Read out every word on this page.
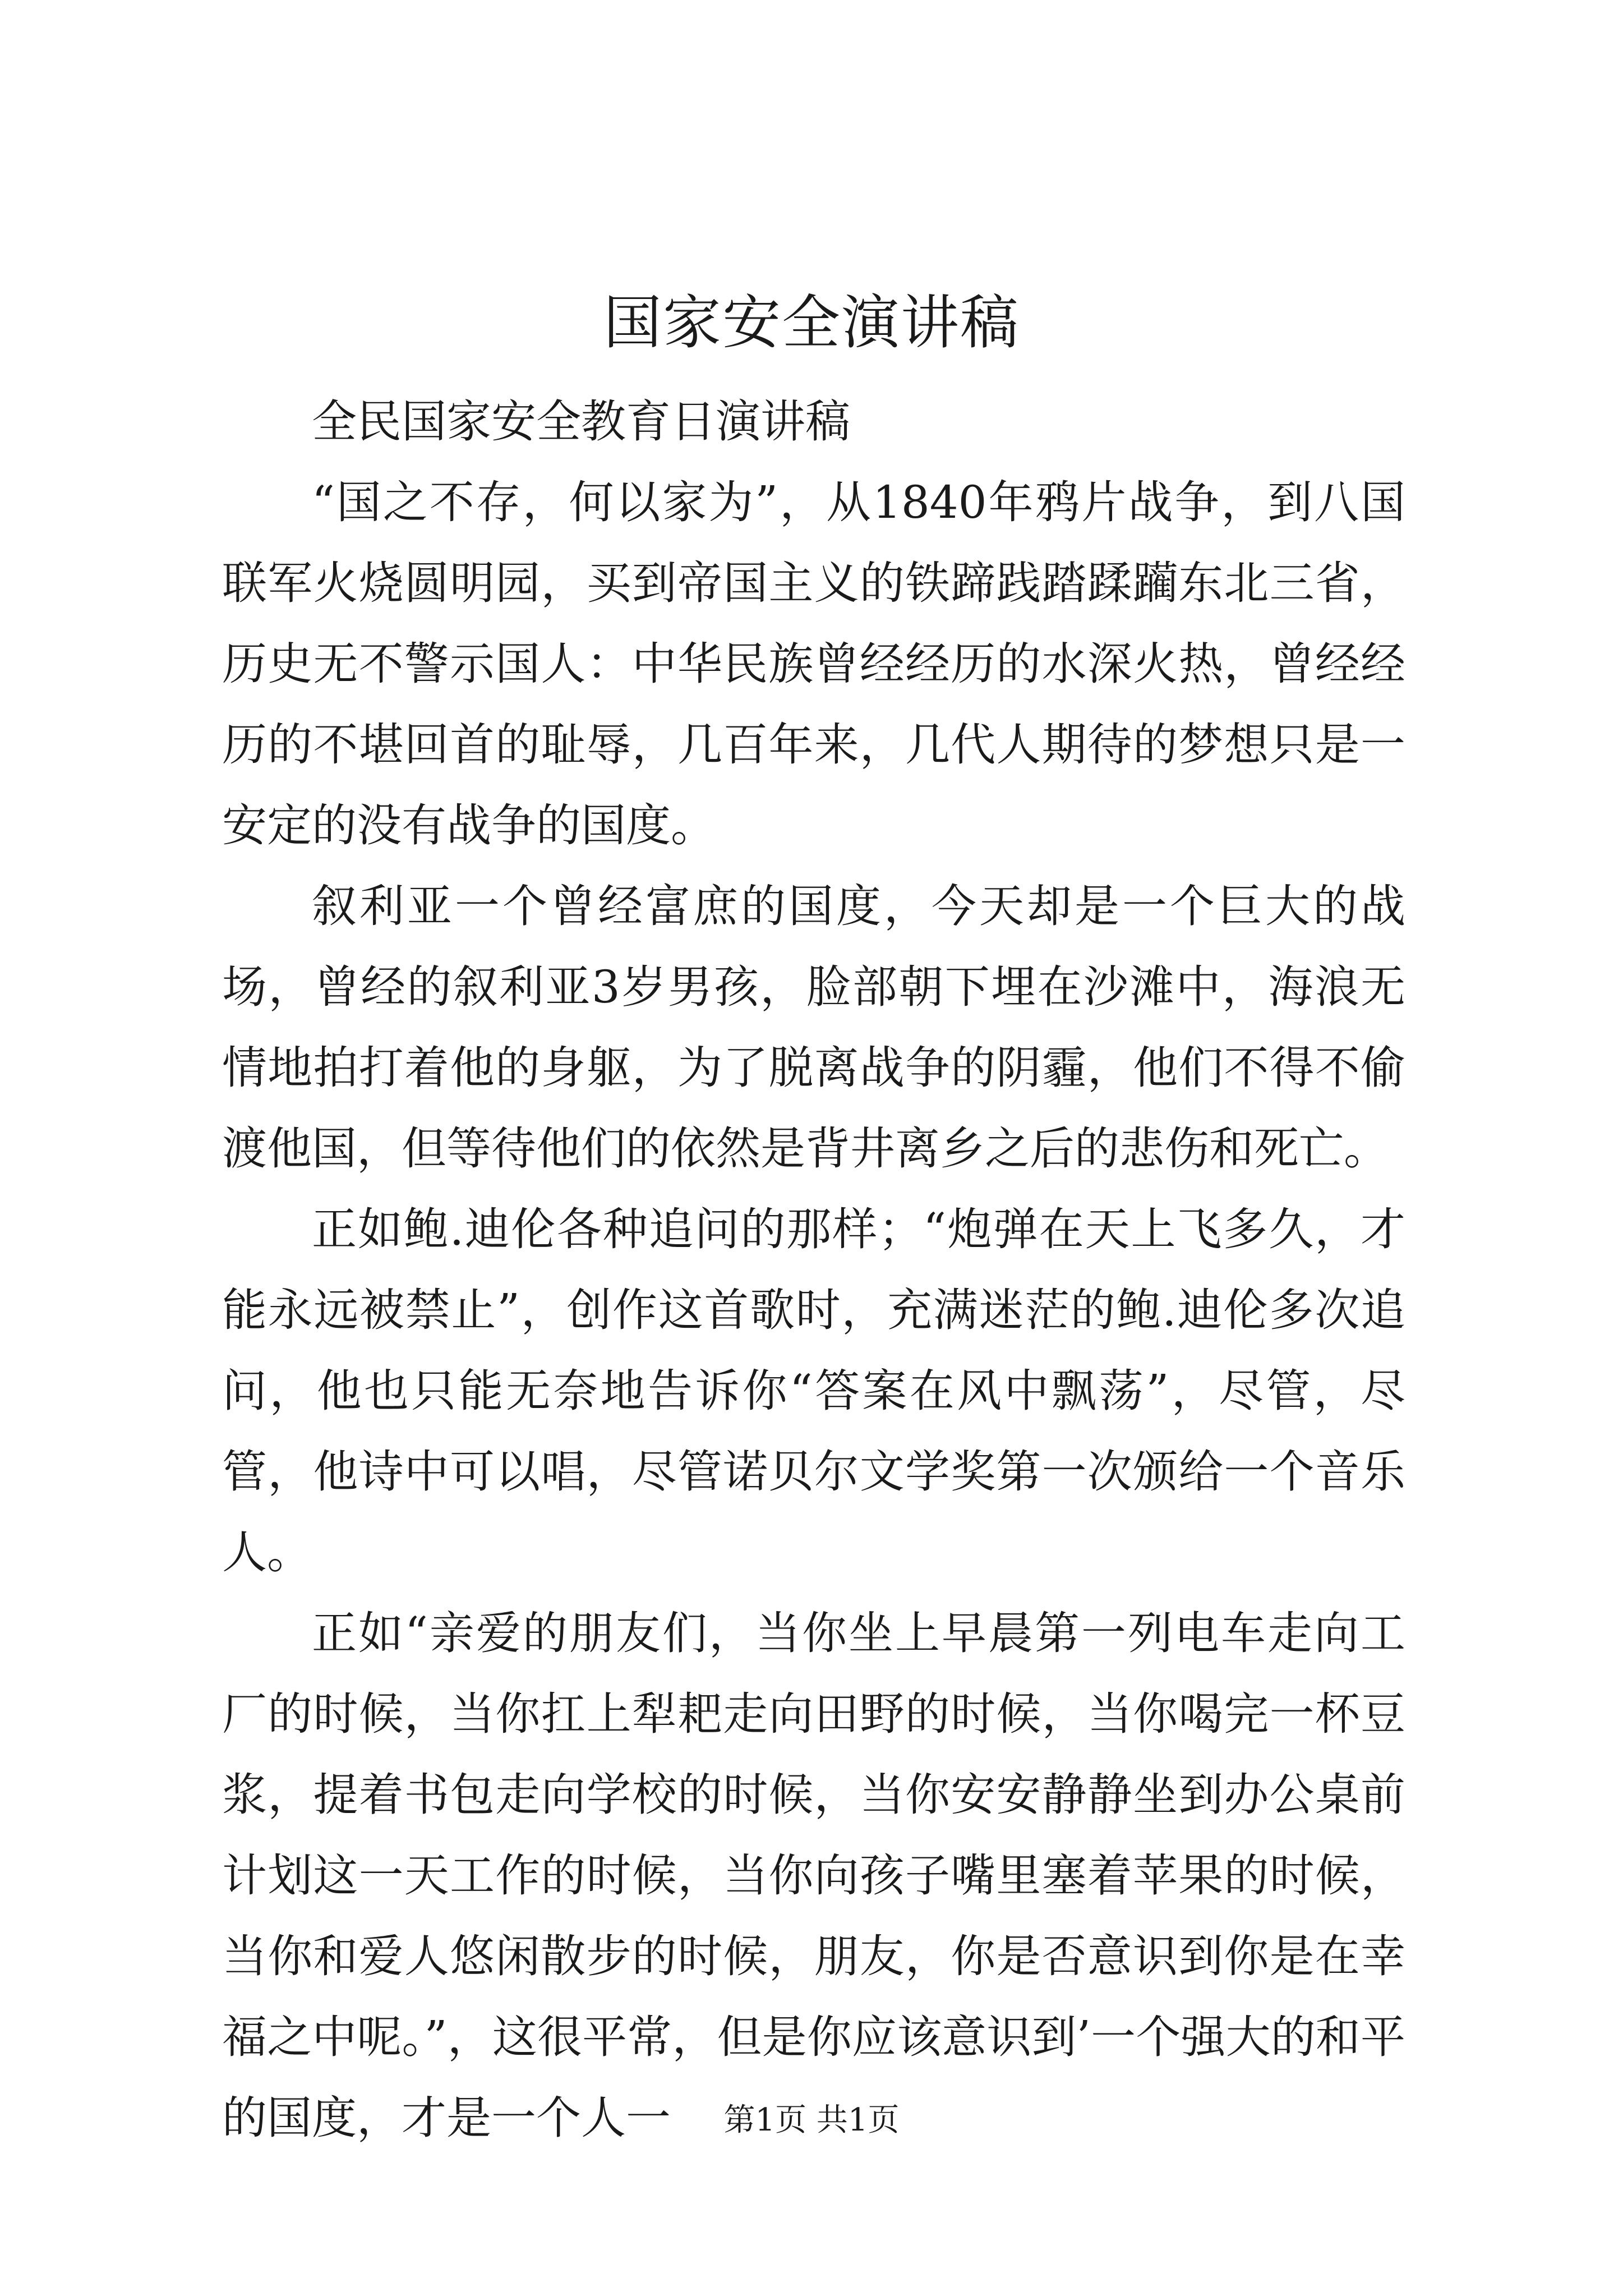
国家安全演讲稿

全民国家安全教育日演讲稿

“国之不存，何以家为”，从1840年鸦片战争，到八国联军火烧圆明园，买到帝国主义的铁蹄践踏蹂躏东北三省，历史无不警示国人：中华民族曾经经历的水深火热，曾经经历的不堪回首的耻辱，几百年来，几代人期待的梦想只是一安定的没有战争的国度。

叙利亚一个曾经富庶的国度，今天却是一个巨大的战场，曾经的叙利亚3岁男孩，脸部朝下埋在沙滩中，海浪无情地拍打着他的身躯，为了脱离战争的阴霾，他们不得不偷渡他国，但等待他们的依然是背井离乡之后的悲伤和死亡。

正如鲍.迪伦各种追问的那样；“炮弹在天上飞多久，才能永远被禁止”，创作这首歌时，充满迷茫的鲍.迪伦多次追问，他也只能无奈地告诉你“答案在风中飘荡”，尽管，尽管，他诗中可以唱，尽管诺贝尔文学奖第一次颁给一个音乐人。

正如“亲爱的朋友们，当你坐上早晨第一列电车走向工厂的时候，当你扛上犁耙走向田野的时候，当你喝完一杯豆浆，提着书包走向学校的时候，当你安安静静坐到办公桌前计划这一天工作的时候，当你向孩子嘴里塞着苹果的时候，当你和爱人悠闲散步的时候，朋友，你是否意识到你是在幸福之中呢。”，这很平常，但是你应该意识到’一个强大的和平的国度，才是一个人一	第1页 共1页
